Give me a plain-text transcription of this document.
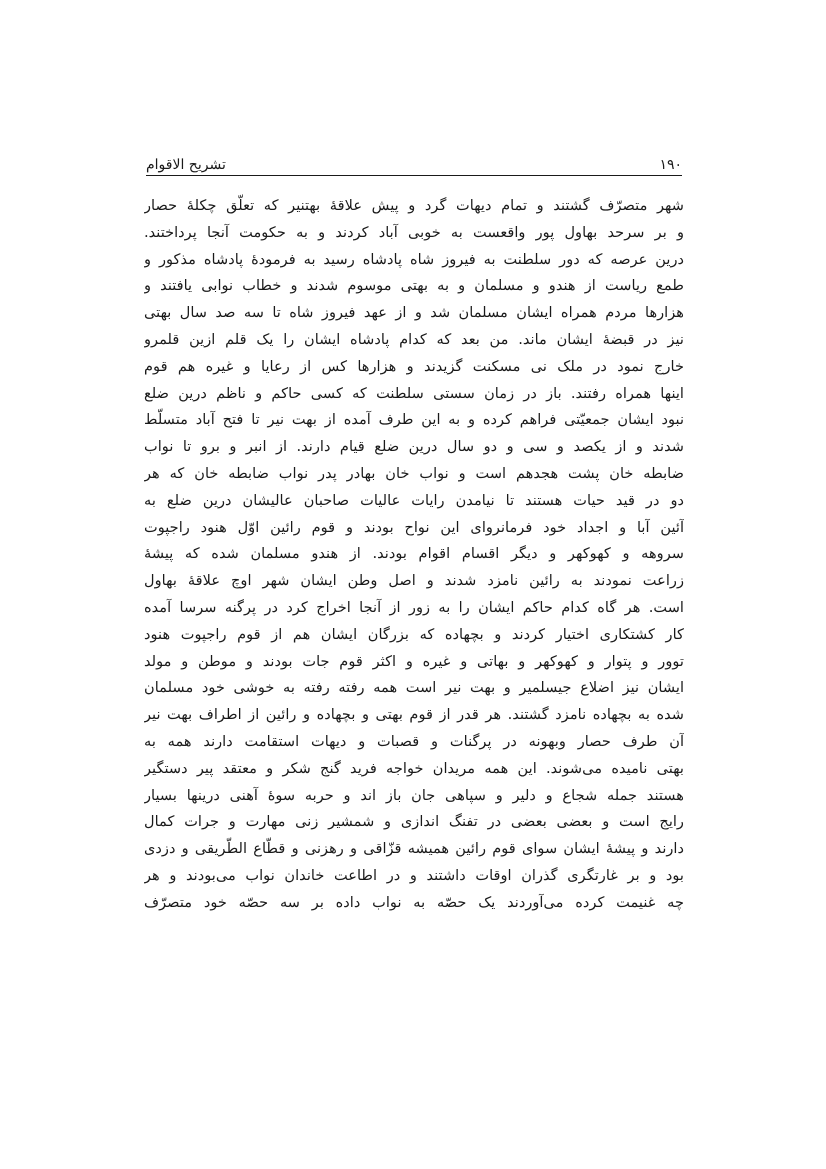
۱۹۰
تشریح الاقوام
شهر متصرّف گشتند و تمام دیهات گرد و پیش علاقهٔ بهتنیر که تعلّق چکلهٔ حصار
و بر سرحد بهاول پور واقعست به خوبی آباد کردند و به حکومت آنجا پرداختند.
درین عرصه که دور سلطنت به فیروز شاه پادشاه رسید به فرمودهٔ پادشاه مذکور و
طمع ریاست از هندو و مسلمان و به بهتی موسوم شدند و خطاب نوابی یافتند و
هزارها مردم همراه ایشان مسلمان شد و از عهد فیروز شاه تا سه صد سال بهتی
نیز در قبضهٔ ایشان ماند. من بعد که کدام پادشاه ایشان را یک قلم ازین قلمرو
خارج نمود در ملک نی مسکنت گزیدند و هزارها کس از رعایا و غیره هم قوم
اینها همراه رفتند. باز در زمان سستی سلطنت که کسی حاکم و ناظم درین ضلع
نبود ایشان جمعیّتی فراهم کرده و به این طرف آمده از بهت نیر تا فتح آباد متسلّط
شدند و از یکصد و سی و دو سال درین ضلع قیام دارند. از انبر و برو تا نواب
ضابطه خان پشت هجدهم است و نواب خان بهادر پدر نواب ضابطه خان که هر
دو در قید حیات هستند تا نیامدن رایات عالیات صاحبان عالیشان درین ضلع به
آئین آبا و اجداد خود فرمانروای این نواح بودند و قوم رائین اوّل هنود راجپوت
سروهه و کهوکهر و دیگر اقسام اقوام بودند. از هندو مسلمان شده که پیشهٔ
زراعت نمودند به رائین نامزد شدند و اصل وطن ایشان شهر اوچ علاقهٔ بهاول
است. هر گاه کدام حاکم ایشان را به زور از آنجا اخراج کرد در پرگنه سرسا آمده
کار کشتکاری اختیار کردند و بچهاده که بزرگان ایشان هم از قوم راجپوت هنود
توور و پتوار و کهوکهر و بهاتی و غیره و اکثر قوم جات بودند و موطن و مولد
ایشان نیز اضلاع جیسلمیر و بهت نیر است همه رفته رفته به خوشی خود مسلمان
شده به بچهاده نامزد گشتند. هر قدر از قوم بهتی و بچهاده و رائین از اطراف بهت نیر
آن طرف حصار وبهونه در پرگنات و قصبات و دیهات استقامت دارند همه به
بهتی نامیده می‌شوند. این همه مریدان خواجه فرید گنج شکر و معتقد پیر دستگیر
هستند جمله شجاع و دلیر و سپاهی جان باز اند و حربه سوهٔ آهنی درینها بسیار
رایج است و بعضی بعضی در تفنگ اندازی و شمشیر زنی مهارت و جرات کمال
دارند و پیشهٔ ایشان سوای قوم رائین همیشه قزّاقی و رهزنی و قطّاع الطّریقی و دزدی
بود و بر غارتگری گذران اوقات داشتند و در اطاعت خاندان نواب می‌بودند و هر
چه غنیمت کرده می‌آوردند یک حصّه به نواب داده بر سه حصّه خود متصرّف
